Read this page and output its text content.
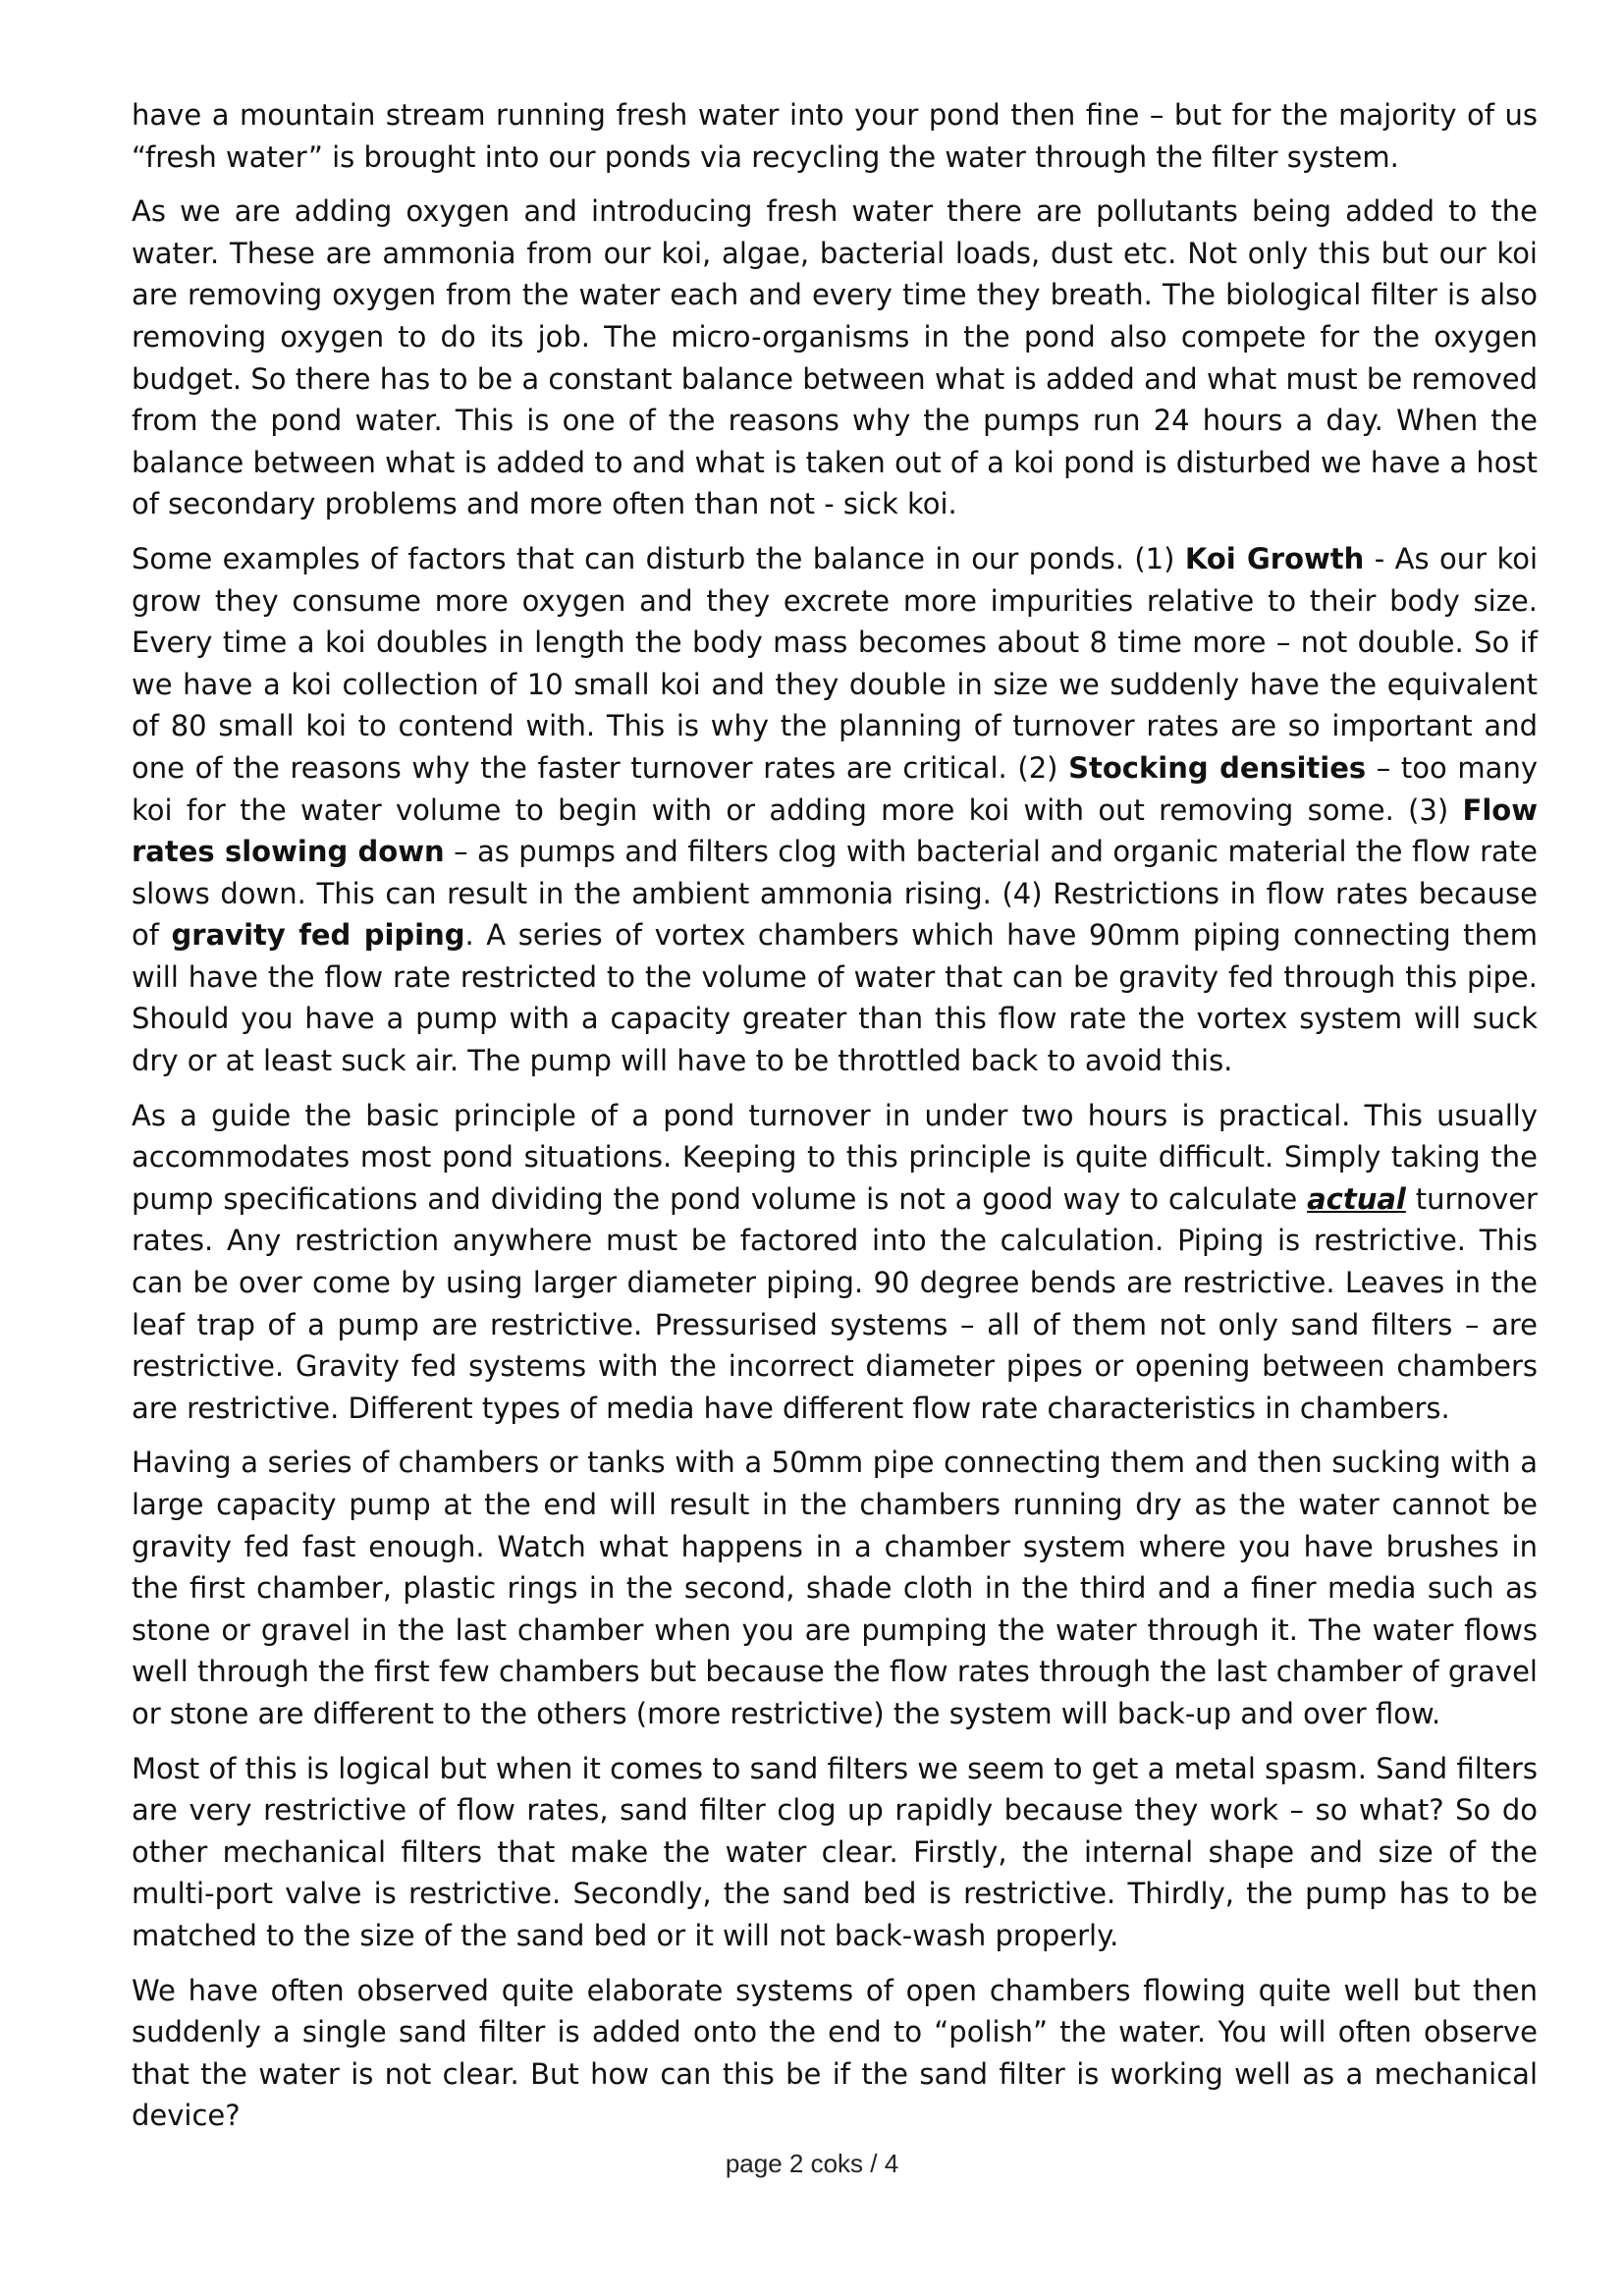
have a mountain stream running fresh water into your pond then fine – but for the majority of us “fresh water” is brought into our ponds via recycling the water through the filter system.

As we are adding oxygen and introducing fresh water there are pollutants being added to the water. These are ammonia from our koi, algae, bacterial loads, dust etc. Not only this but our koi are removing oxygen from the water each and every time they breath. The biological filter is also removing oxygen to do its job. The micro-organisms in the pond also compete for the oxygen budget. So there has to be a constant balance between what is added and what must be removed from the pond water. This is one of the reasons why the pumps run 24 hours a day. When the balance between what is added to and what is taken out of a koi pond is disturbed we have a host of secondary problems and more often than not - sick koi.

Some examples of factors that can disturb the balance in our ponds. (1) Koi Growth - As our koi grow they consume more oxygen and they excrete more impurities relative to their body size. Every time a koi doubles in length the body mass becomes about 8 time more – not double. So if we have a koi collection of 10 small koi and they double in size we suddenly have the equivalent of 80 small koi to contend with. This is why the planning of turnover rates are so important and one of the reasons why the faster turnover rates are critical. (2) Stocking densities – too many koi for the water volume to begin with or adding more koi with out removing some. (3) Flow rates slowing down – as pumps and filters clog with bacterial and organic material the flow rate slows down. This can result in the ambient ammonia rising. (4) Restrictions in flow rates because of gravity fed piping. A series of vortex chambers which have 90mm piping connecting them will have the flow rate restricted to the volume of water that can be gravity fed through this pipe. Should you have a pump with a capacity greater than this flow rate the vortex system will suck dry or at least suck air. The pump will have to be throttled back to avoid this.

As a guide the basic principle of a pond turnover in under two hours is practical. This usually accommodates most pond situations. Keeping to this principle is quite difficult. Simply taking the pump specifications and dividing the pond volume is not a good way to calculate actual turnover rates. Any restriction anywhere must be factored into the calculation. Piping is restrictive. This can be over come by using larger diameter piping. 90 degree bends are restrictive. Leaves in the leaf trap of a pump are restrictive. Pressurised systems – all of them not only sand filters – are restrictive. Gravity fed systems with the incorrect diameter pipes or opening between chambers are restrictive. Different types of media have different flow rate characteristics in chambers.

Having a series of chambers or tanks with a 50mm pipe connecting them and then sucking with a large capacity pump at the end will result in the chambers running dry as the water cannot be gravity fed fast enough. Watch what happens in a chamber system where you have brushes in the first chamber, plastic rings in the second, shade cloth in the third and a finer media such as stone or gravel in the last chamber when you are pumping the water through it. The water flows well through the first few chambers but because the flow rates through the last chamber of gravel or stone are different to the others (more restrictive) the system will back-up and over flow.

Most of this is logical but when it comes to sand filters we seem to get a metal spasm. Sand filters are very restrictive of flow rates, sand filter clog up rapidly because they work – so what? So do other mechanical filters that make the water clear. Firstly, the internal shape and size of the multi-port valve is restrictive. Secondly, the sand bed is restrictive. Thirdly, the pump has to be matched to the size of the sand bed or it will not back-wash properly.

We have often observed quite elaborate systems of open chambers flowing quite well but then suddenly a single sand filter is added onto the end to “polish” the water. You will often observe that the water is not clear. But how can this be if the sand filter is working well as a mechanical device?

page 2 coks / 4
